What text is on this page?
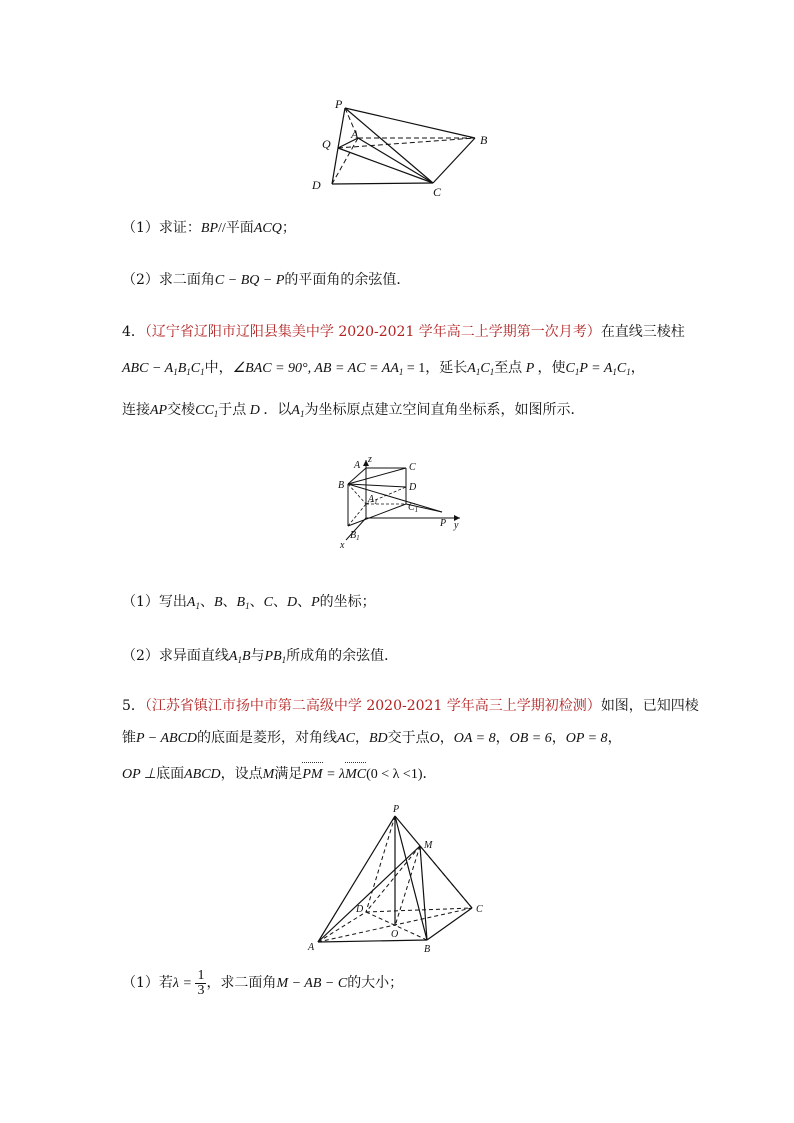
P
A	B
Q
D	C
（1）求证：BP//平面ACQ；
（2）求二面角C − BQ − P的平面角的余弦值．
4．（辽宁省辽阳市辽阳县集美中学 2020-2021 学年高二上学期第一次月考）在直线三棱柱
ABC − $A_1B_1C_1$中，∠BAC = 90°, AB = AC = $AA_1 = 1$，延长$A_1C_1$至点 P ，使$C_1P = A_1C_1$，
连接AP交棱$CC_1$于点 D ．以$A_1$为坐标原点建立空间直角坐标系，如图所示．
A
z
C
B	D
$A_1$	$C_1$
$B_1$
P y
x
（1）写出$A_1$、B、$B_1$、C、D、P的坐标；
（2）求异面直线$A_1B$与$PB_1$所成角的余弦值．
5．（江苏省镇江市扬中市第二高级中学 2020-2021 学年高三上学期初检测）如图，已知四棱
锥P − ABCD的底面是菱形，对角线AC，BD交于点O，OA = 8，OB = 6，OP = 8，
OP ⊥底面ABCD，设点M满足PM = λMC(0 < λ <1)．
P
M
D	C
O
A	B
（1）若$\lambda = \frac{1}{3}$ ，求二面角M − AB − C的大小；
